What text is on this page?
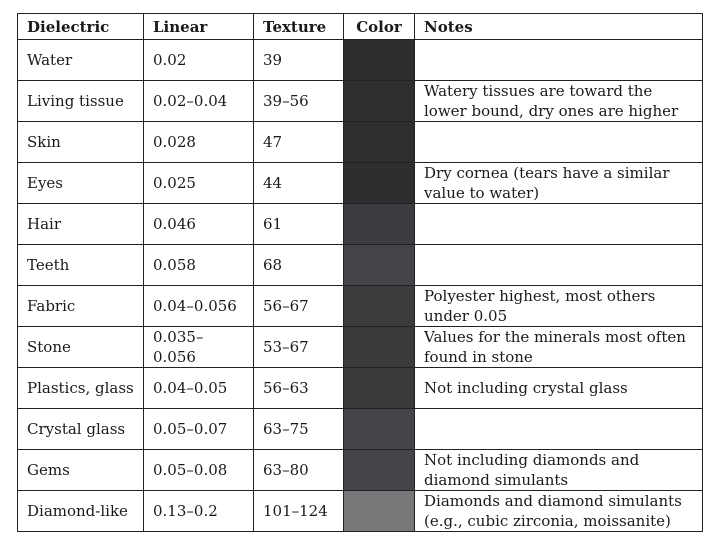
Dielectric	Linear	Texture	Color	Notes
Water	0.02	39		
Living tissue	0.02–0.04	39–56		Watery tissues are toward the lower bound, dry ones are higher
Skin	0.028	47		
Eyes	0.025	44		Dry cornea (tears have a similar value to water)
Hair	0.046	61		
Teeth	0.058	68		
Fabric	0.04–0.056	56–67		Polyester highest, most others under 0.05
Stone	0.035–0.056	53–67		Values for the minerals most often found in stone
Plastics, glass	0.04–0.05	56–63		Not including crystal glass
Crystal glass	0.05–0.07	63–75		
Gems	0.05–0.08	63–80		Not including diamonds and diamond simulants
Diamond-like	0.13–0.2	101–124		Diamonds and diamond simulants (e.g., cubic zirconia, moissanite)
